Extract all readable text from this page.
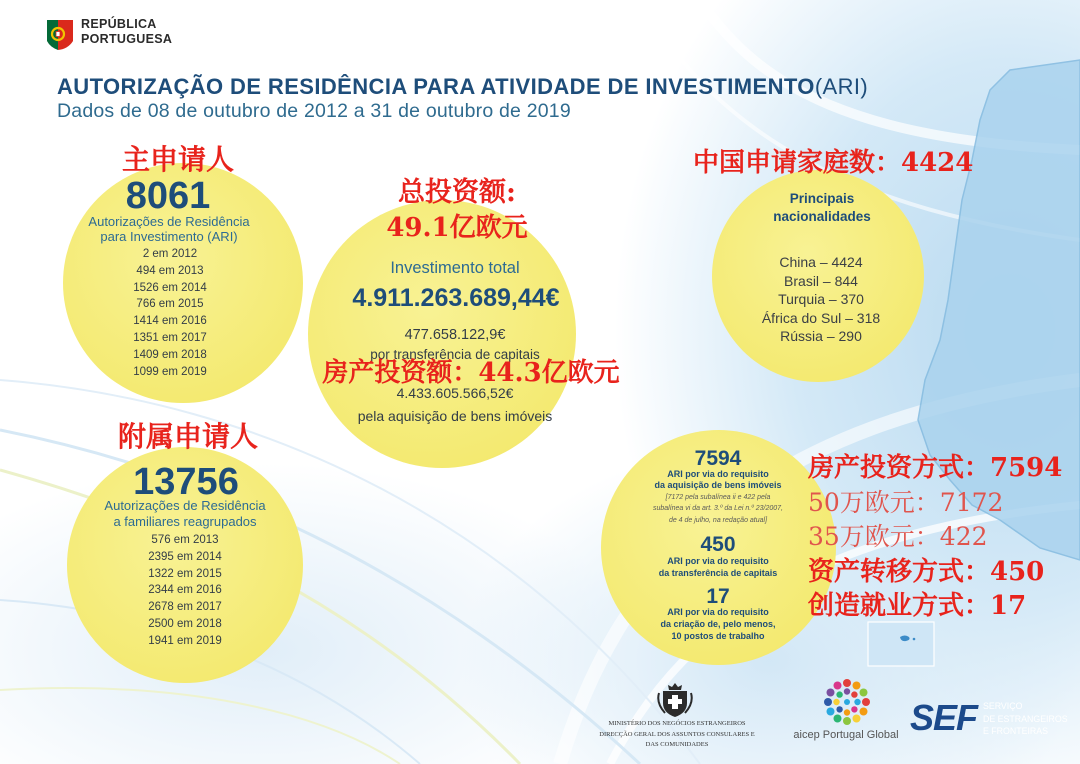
REPÚBLICA
PORTUGUESA
AUTORIZAÇÃO DE RESIDÊNCIA PARA ATIVIDADE DE INVESTIMENTO(ARI)
Dados de 08 de outubro de 2012 a 31 de outubro de 2019
主申请人
8061
Autorizações de Residência
para Investimento (ARI)
2 em 2012
494 em 2013
1526 em 2014
766 em 2015
1414 em 2016
1351 em 2017
1409 em 2018
1099 em 2019
总投资额:
49.1亿欧元
Investimento total
4.911.263.689,44€
477.658.122,9€
por transferência de capitais
4.433.605.566,52€
pela aquisição de bens imóveis
房产投资额：44.3亿欧元
中国申请家庭数：4424
Principais
nacionalidades
China – 4424
Brasil – 844
Turquia – 370
África do Sul – 318
Rússia – 290
附属申请人
13756
Autorizações de Residência
a familiares reagrupados
576 em 2013
2395 em 2014
1322 em 2015
2344 em 2016
2678 em 2017
2500 em 2018
1941 em 2019
7594
ARI por via do requisito
da aquisição de bens imóveis
[7172 pela subalínea ii e 422 pela
subalínea vi da art. 3.º da Lei n.º 23/2007,
de 4 de julho, na redação atual]
450
ARI por via do requisito
da transferência de capitais
17
ARI por via do requisito
da criação de, pelo menos,
10 postos de trabalho
房产投资方式：7594
50万欧元：7172
35万欧元：422
资产转移方式：450
创造就业方式：17
MINISTÉRIO DOS NEGÓCIOS ESTRANGEIROS
DIRECÇÃO GERAL DOS ASSUNTOS CONSULARES E
DAS COMUNIDADES
aicep Portugal Global SEF SERVIÇO
DE ESTRANGEIROS
E FRONTEIRAS
